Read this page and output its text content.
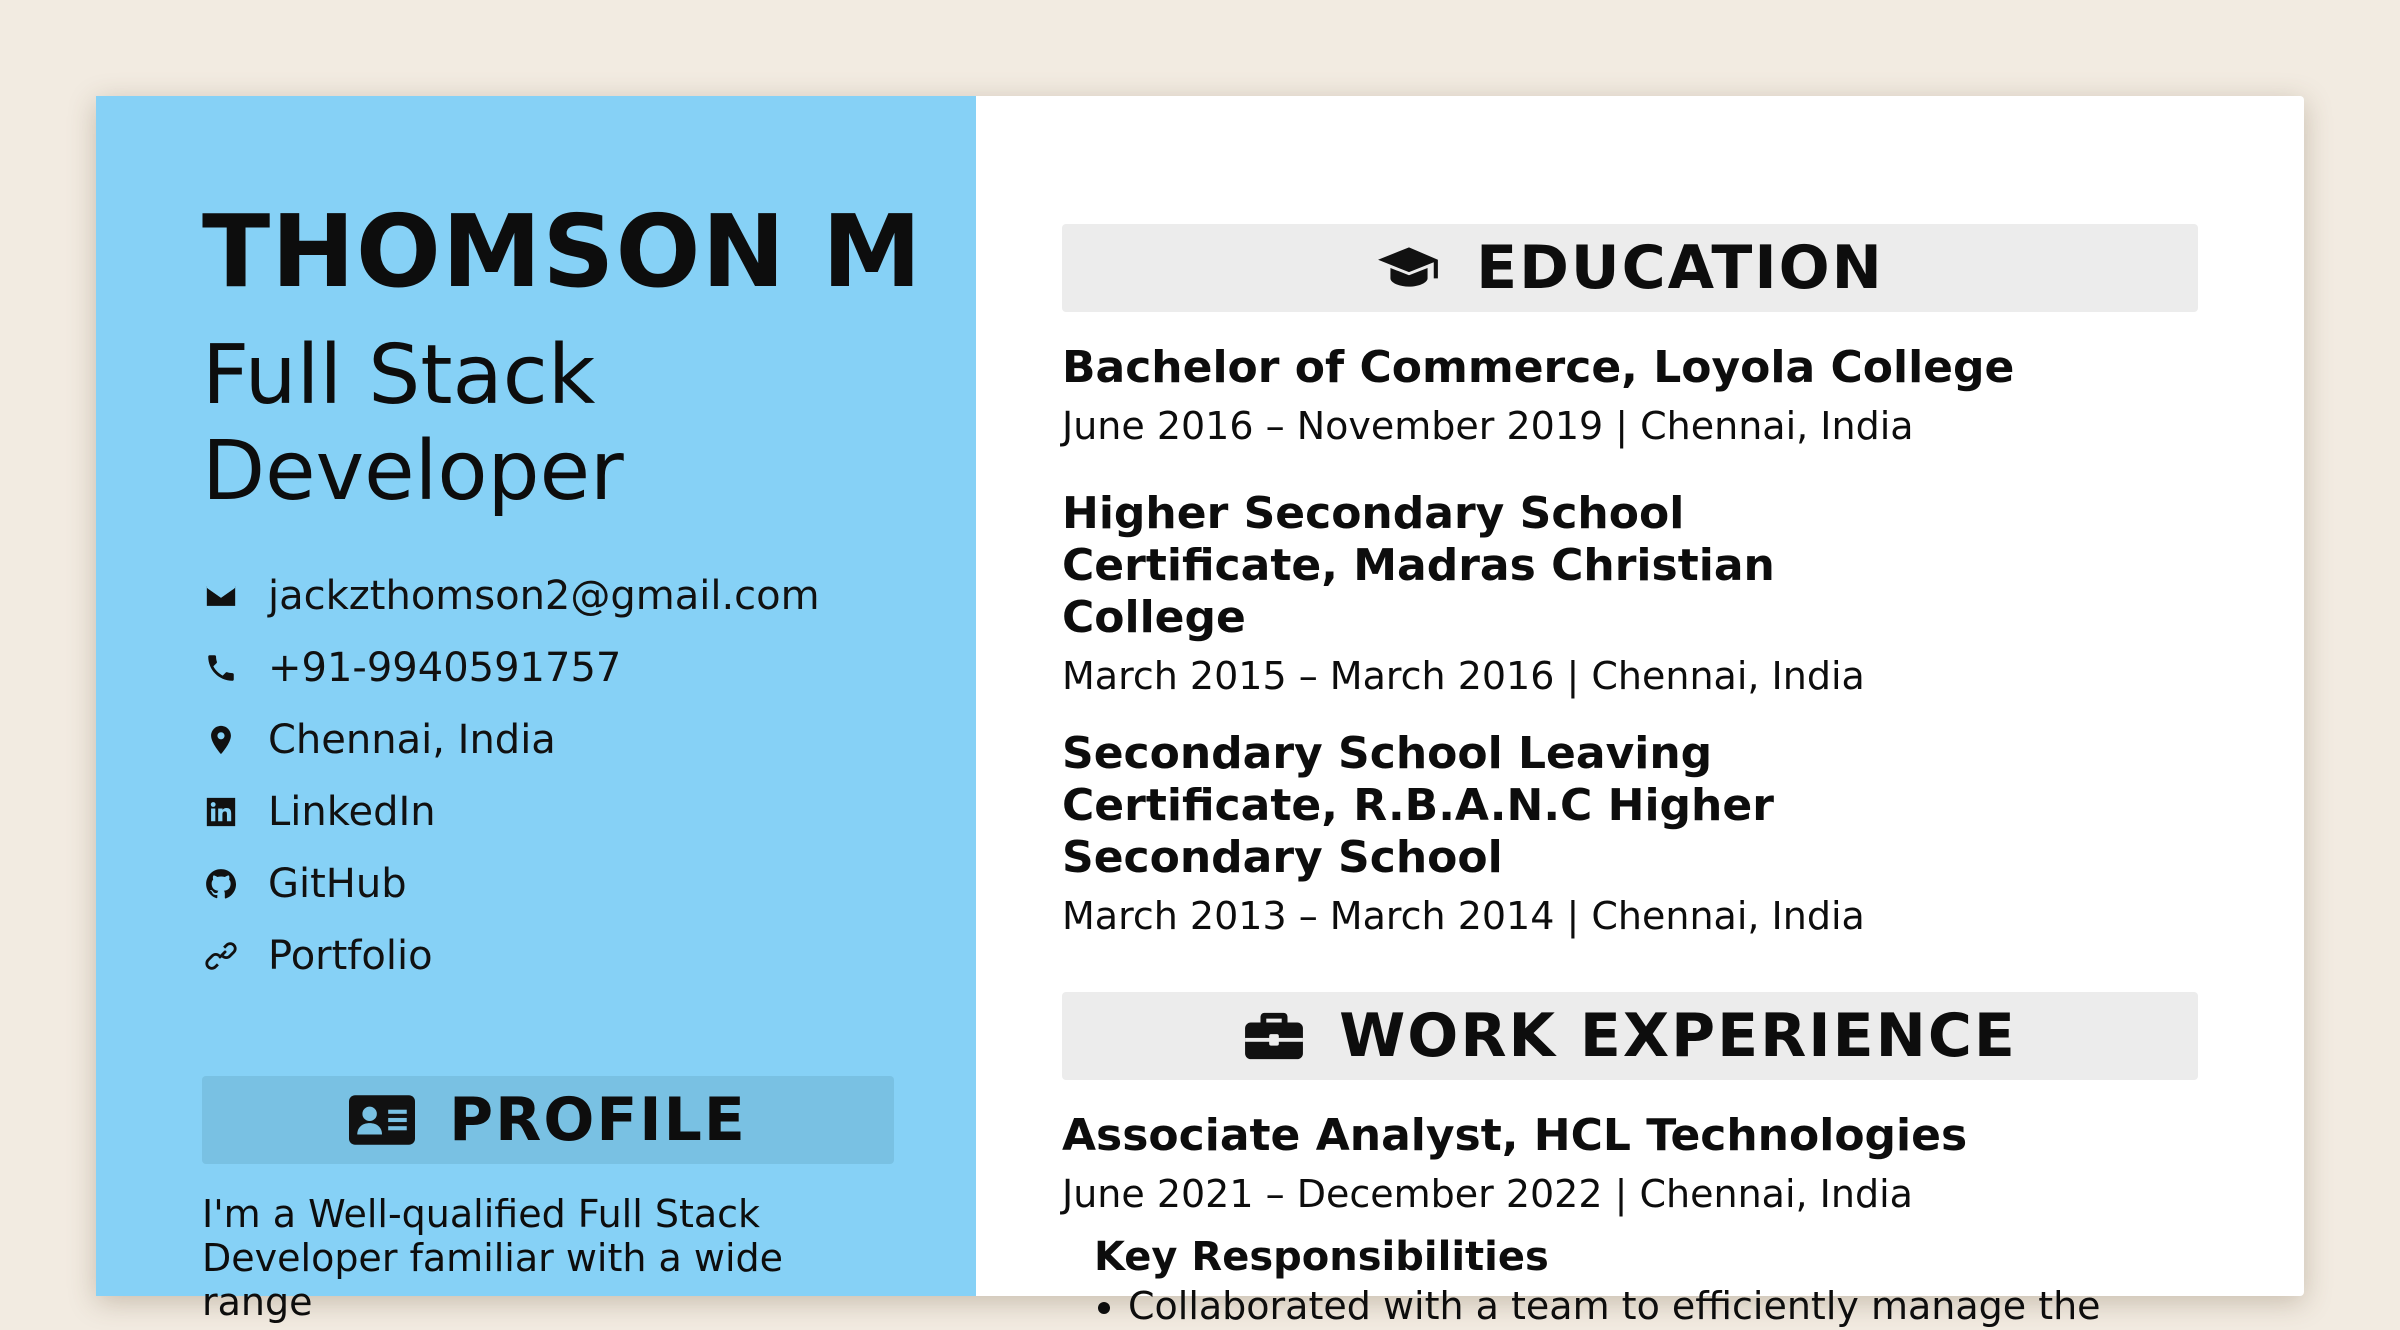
THOMSON M
Full Stack Developer
jackzthomson2@gmail.com
+91-9940591757
Chennai, India
LinkedIn
GitHub
Portfolio
PROFILE
I'm a Well-qualified Full Stack Developer familiar with a wide range
EDUCATION
Bachelor of Commerce, Loyola College
June 2016 – November 2019 | Chennai, India
Higher Secondary School Certificate, Madras Christian College
March 2015 – March 2016 | Chennai, India
Secondary School Leaving Certificate, R.B.A.N.C Higher Secondary School
March 2013 – March 2014 | Chennai, India
WORK EXPERIENCE
Associate Analyst, HCL Technologies
June 2021 – December 2022 | Chennai, India
Key Responsibilities
• Collaborated with a team to efficiently manage the
